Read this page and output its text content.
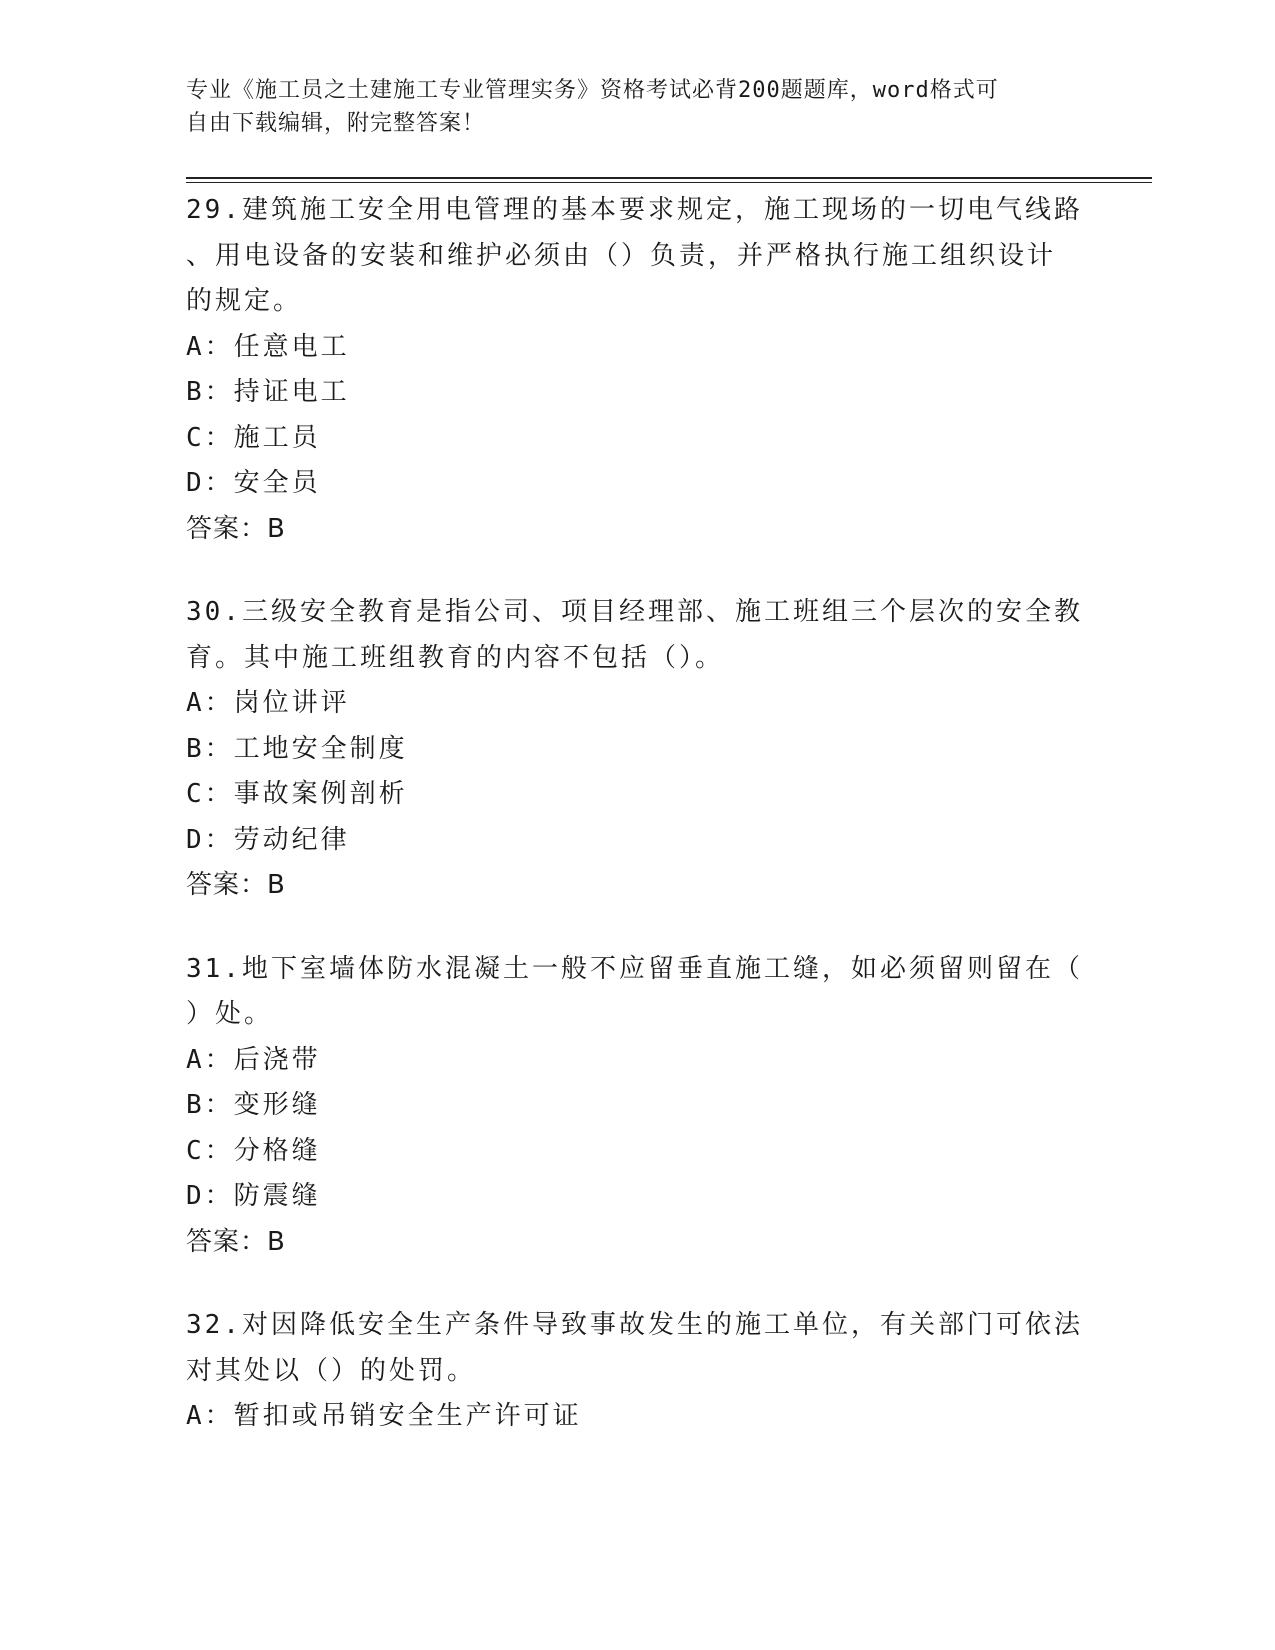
专业《施工员之土建施工专业管理实务》资格考试必背200题题库，word格式可
自由下载编辑，附完整答案！

29.建筑施工安全用电管理的基本要求规定，施工现场的一切电气线路

、用电设备的安装和维护必须由（）负责，并严格执行施工组织设计

的规定。

A：任意电工

B：持证电工

C：施工员

D：安全员

答案：B

30.三级安全教育是指公司、项目经理部、施工班组三个层次的安全教

育。其中施工班组教育的内容不包括（）。

A：岗位讲评

B：工地安全制度

C：事故案例剖析

D：劳动纪律

答案：B

31.地下室墙体防水混凝土一般不应留垂直施工缝，如必须留则留在（

）处。

A：后浇带

B：变形缝

C：分格缝

D：防震缝

答案：B

32.对因降低安全生产条件导致事故发生的施工单位，有关部门可依法

对其处以（）的处罚。

A：暂扣或吊销安全生产许可证
